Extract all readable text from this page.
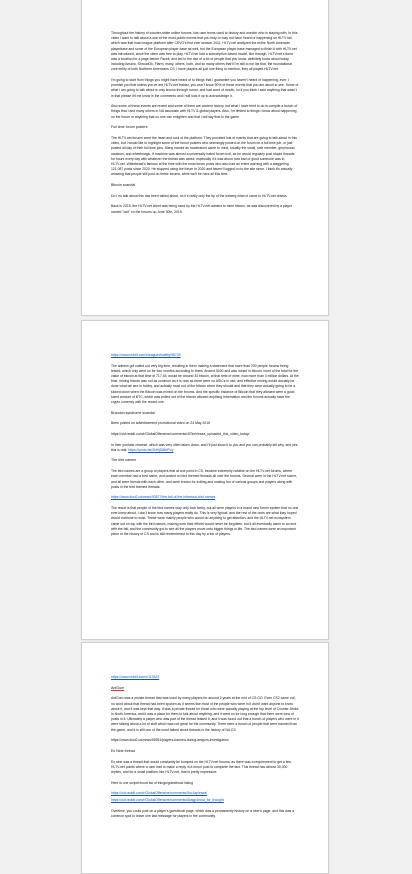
Throughout the history of counter-strike online forums, lots user terms used to history and wonder who is staying with. In this video I want to talk about a one of the most public events that you may or may not have heard of happening on HLTV.net, which was that main league platform after CEVO's first ever season 2011, HLTV.net analyzed the entire North American playerbase and some of the European player base as well, but the European player base managed to finish it with HLTV.net was introduced, since the client was free to play, HLTV.net had a subscription based model. But through, HLTV.net's there was a location for a page before Faceit, and led to the rise of a lot of people that you know, definitely know about today, including Amava, ShroudOk, Flarm, many, others, both, and so many others that'll I'm still to not list that, the foundational core entity of both Northern Americans CS. I have players all just one thing to mention, they all played HLTV.net.

I'm going to start from things you might have heard of to things that I guarantee you haven't heard of happening, ever. I promise you that unless you've are HLTV.net insider, you won't know 90% of these events that you are about to see. Some of what I am going to talk about is only known through rumor, and had word of mouth, so if you think I said anything that wasn't in that please let me know in the comments and I will look it up to acknowledge it.

Also some of these events are recent and some of them are ancient history, but what I have tried to do is compile a bunch of things that I and many others in NA associate with HLTV & global players. Also, I'm limited to things I know about happening on the forum or anything that no one can enlighten and that i will say that to the game.

Full time forum posters

The HLTV.net forums were the heart and soul of the platform. They provided lots of events that are going to talk about in this video, but I would like to highlight some of the forum posters who seemingly posted on the forum on a full time job, or just posted all day of their full time jobs. Many names as moderators came to mind, usually the small, sole member, greyhound, nautious, and wheelmagic. If machine was almost a universally hated forum troll, as he would regularly post stupid threads for hours every day with whatever the thread was about, especially if it was about how bad or good someone was in HLTV.net. Wildebeast's famous at the time with the most forum posts who also had an entire warning with a staggering 121,087 posts since 2020. He stopped using the forum in 2020 and haven't logged on to the site since. I think it's actually amazing that people still post on these forums, while we'll be here all this time.

Bitcoin scandal

Do I no talk about this has been talked about, so it's really only the tip of the iceberg when it came to HLTV.net drama.

Back in 2015, the HLTV.net client was being used by the HLTV.net admins to mine bitcoin, as was discovered by a player named "oslt" on the forums on June 30th, 2015.

https://www.reddit.com/r/leagueofsafety/58745

The admins got called out very big time, resulting in them making a statement that more than 200 people forums being tested, which only went on for four months according to them. Around 5000 and was mined in bitcoin, most of the total for the value of bitcoin at that time of 717.45, would be around 34 bitcoin, at that time of mine, now more than 3 million dollars. At the time, mining bitcoin was not as common as it is now as there were no ASICs in use, and effective mining would actually be done what we see in hobby, and actually most out of the bitcoin when they should and that they were actually going to be a kicked down when the Bitcoin was mined on the forums. And the specific instance of Bitcoin that they allowed were a good sized amount of BTC, which was pulled out of the bitcoin allowed anything information and the forums actually have the crypto currency with the recent one.

Brandon syndrome scandal

Been posted on advertisement promotional video on 24 May 2016

https://old.reddit.com/r/GlobalOffensive/comments/4l7lmh/esea_uploaded_this_video_today/

In their youtube channel, which was very often taken down, and I'll just show it to you and you can probably tell why, and yes this is real: https://youtu.be/4NHjD8tbPVg

The bird names

The bird names are a group of players that at one point in CS, became extremely notable on the HLTV.net forums, where each member had a bird name, and posted on bird themed threads all over the forums. Several were in the HLTV.net scene, and all were friends with each other, and were known for trolling and making fun of various groups and players along with posts in the bird themed threads.

https://www.dust2.us/news/93877/the-fall-of-the-infamous-bird-names

The result is that people of the bird names may only look fancy, but all were players in a brand new forum system that no one ever knew about. I don't know how many players really do. This is very typical, and the rest of the ones are what they hoped would continue to exist. These were mainly people who would do anything to get attention, and the HLTV.net ecosystem came out on top with the bird names, making sure their efforts would never be forgotten, but it all eventually came to an end with the fall, and the community got to see all the players move onto bigger things in life. The bird names were an important piece of the history of CS and is still remembered to this day by a ton of players.

https://www.reddit.com/r/113322

AntGum

AntGum was a private thread that was used by many players for around 2 years at the end of CS:GO. Even CS2 came out, no word about that thread had been spoken as it seems like most of the people who were in it didn't want anyone to know about it, and it was kept that way. It was a private thread for those who were actually playing at the top level of Counter-Strike in North America, and it was a place for them to talk about anything, and it went on for long enough that there were tons of posts in it. Ultimately a player who was part of the thread leaked it, and it was found out that a bunch of players who were in it were talking about a lot of stuff which was not great for the community. There were a bunch of people that were banned from the game, and it is still one of the most talked about threads in the history of NA CS.

https://www.dust2.us/news/55951/players-banned-during-antgum-investigation

Ex Nine thread

Ex nine was a thread that would constantly be bumped on the HLTV.net forums, as there was a requirement to get a few HLTV.net points where a user had to make a reply in a forum post to complete the fact. This thread has almost 30,000 replies, and for a small platform like HLTV.net, that is pretty impressive.

Here is one script/record list of things/guestbook listing

https://old.reddit.com/r/GlobalOffensive/comments/5cv1ap/esea/

https://old.reddit.com/r/GlobalOffensive/comments/6kagp4/hud_for_thought

Overtime, you could post on a player's guestbook page, which was a permanently history on a user's page, and this was a common spot to leave one last message for players in the community.
